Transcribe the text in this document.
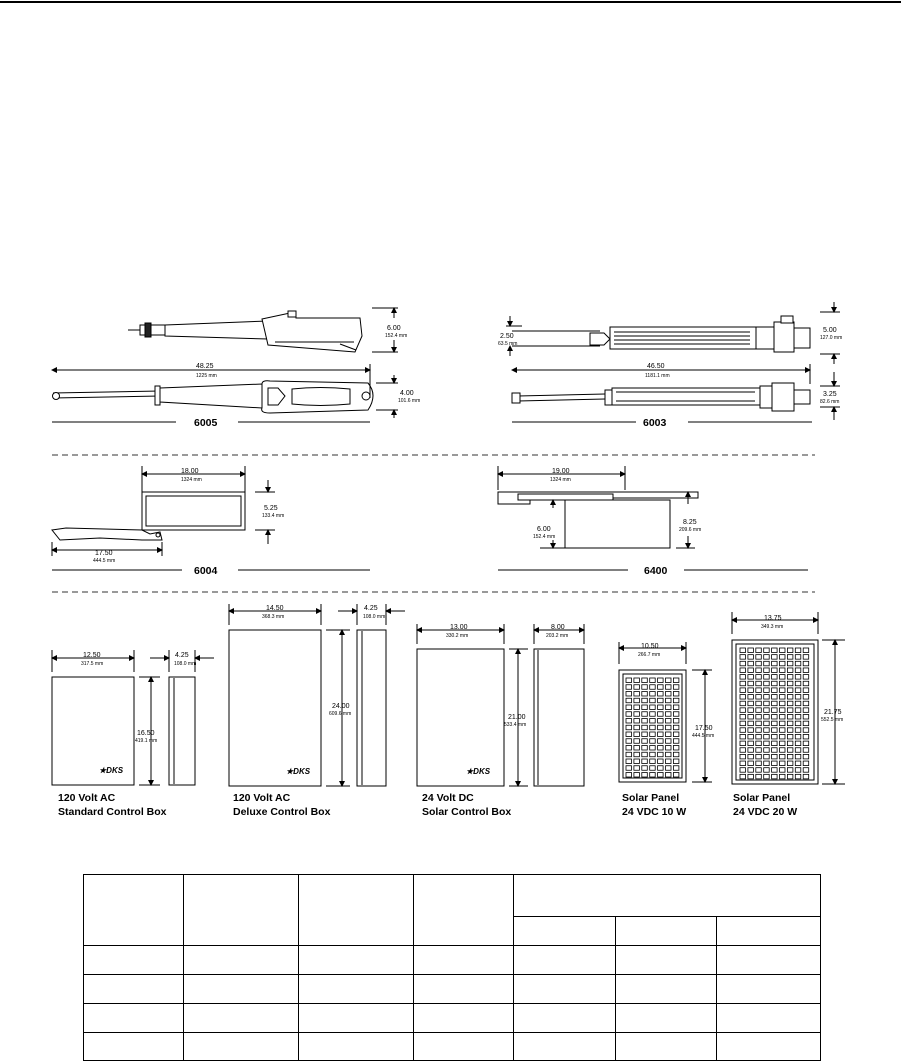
6.00
152.4 mm
48.25
1225 mm
4.00
101.6 mm
6005
2.50
63.5 mm
5.00
127.0 mm
46.50
1181.1 mm
3.25
82.6 mm
6003
18.00
1324 mm
5.25
133.4 mm
17.50
444.5 mm
6004
19.00
1324 mm
6.00
152.4 mm
8.25
209.6 mm
6400
★DKS
12.50
317.5 mm
4.25
108.0 mm
16.50
419.1 mm
120 Volt AC
Standard Control Box
★DKS
14.50
368.3 mm
4.25
108.0 mm
24.00
609.6 mm
120 Volt AC
Deluxe Control Box
★DKS
13.00
330.2 mm
8.00
203.2 mm
21.00
533.4 mm
24 Volt DC
Solar Control Box
10.50
266.7 mm
17.50
444.5 mm
Solar Panel
24 VDC 10 W
13.75
349.3 mm
21.75
552.5 mm
Solar Panel
24 VDC 20 W
